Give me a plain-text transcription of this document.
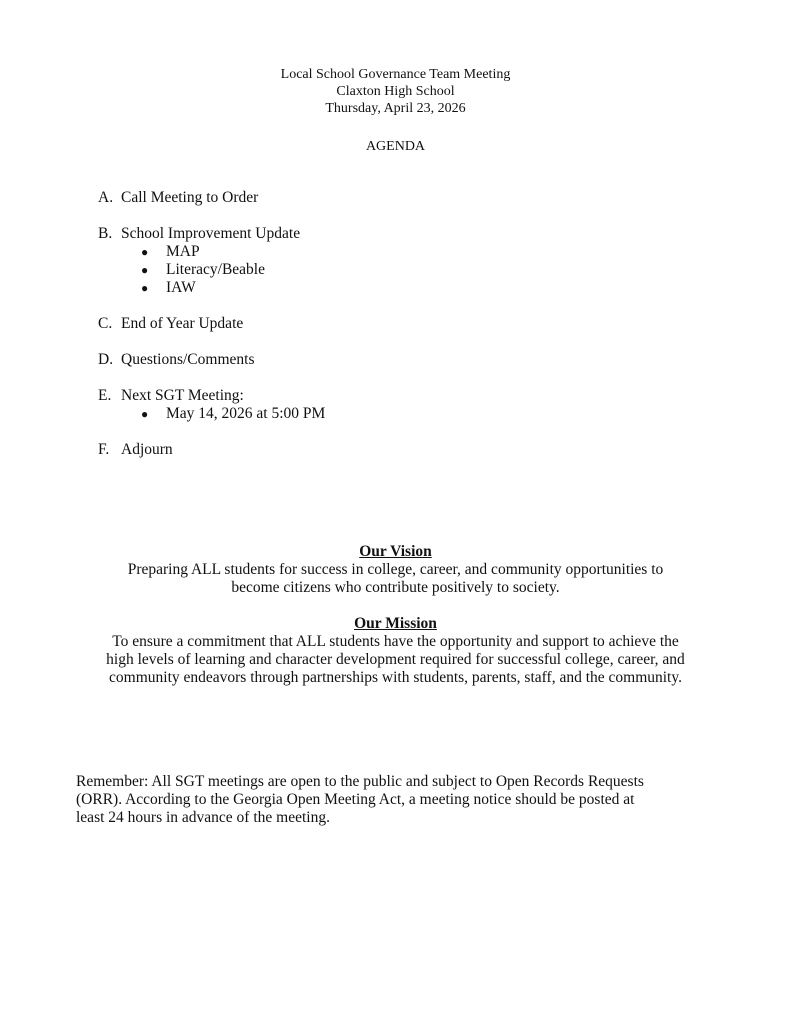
Local School Governance Team Meeting
Claxton High School
Thursday, April 23, 2026
AGENDA
A. Call Meeting to Order
B. School Improvement Update
●	MAP
●	Literacy/Beable
●	IAW
C. End of Year Update
D. Questions/Comments
E. Next SGT Meeting:
●	May 14, 2026 at 5:00 PM
F. Adjourn
Our Vision

Preparing ALL students for success in college, career, and community opportunities to

become citizens who contribute positively to society.

Our Mission

To ensure a commitment that ALL students have the opportunity and support to achieve the

high levels of learning and character development required for successful college, career, and

community endeavors through partnerships with students, parents, staff, and the community.

Remember: All SGT meetings are open to the public and subject to Open Records Requests
(ORR). According to the Georgia Open Meeting Act, a meeting notice should be posted at
least 24 hours in advance of the meeting.
